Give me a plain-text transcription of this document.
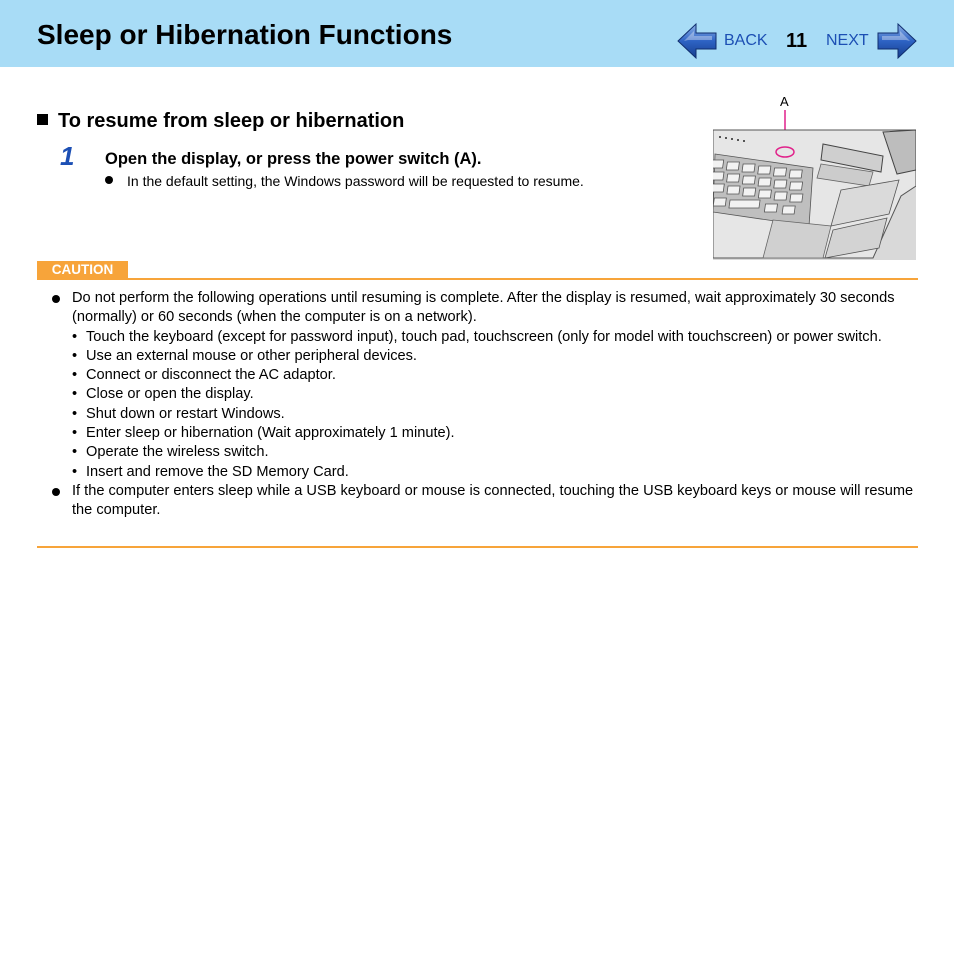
Sleep or Hibernation Functions	BACK 11 NEXT
To resume from sleep or hibernation
1 Open the display, or press the power switch (A).
In the default setting, the Windows password will be requested to resume.
A
CAUTION
Do not perform the following operations until resuming is complete. After the display is resumed, wait approximately 30 seconds (normally) or 60 seconds (when the computer is on a network).
• Touch the keyboard (except for password input), touch pad, touchscreen (only for model with touchscreen) or power switch.
• Use an external mouse or other peripheral devices.
• Connect or disconnect the AC adaptor.
• Close or open the display.
• Shut down or restart Windows.
• Enter sleep or hibernation (Wait approximately 1 minute).
• Operate the wireless switch.
• Insert and remove the SD Memory Card.
If the computer enters sleep while a USB keyboard or mouse is connected, touching the USB keyboard keys or mouse will resume the computer.
